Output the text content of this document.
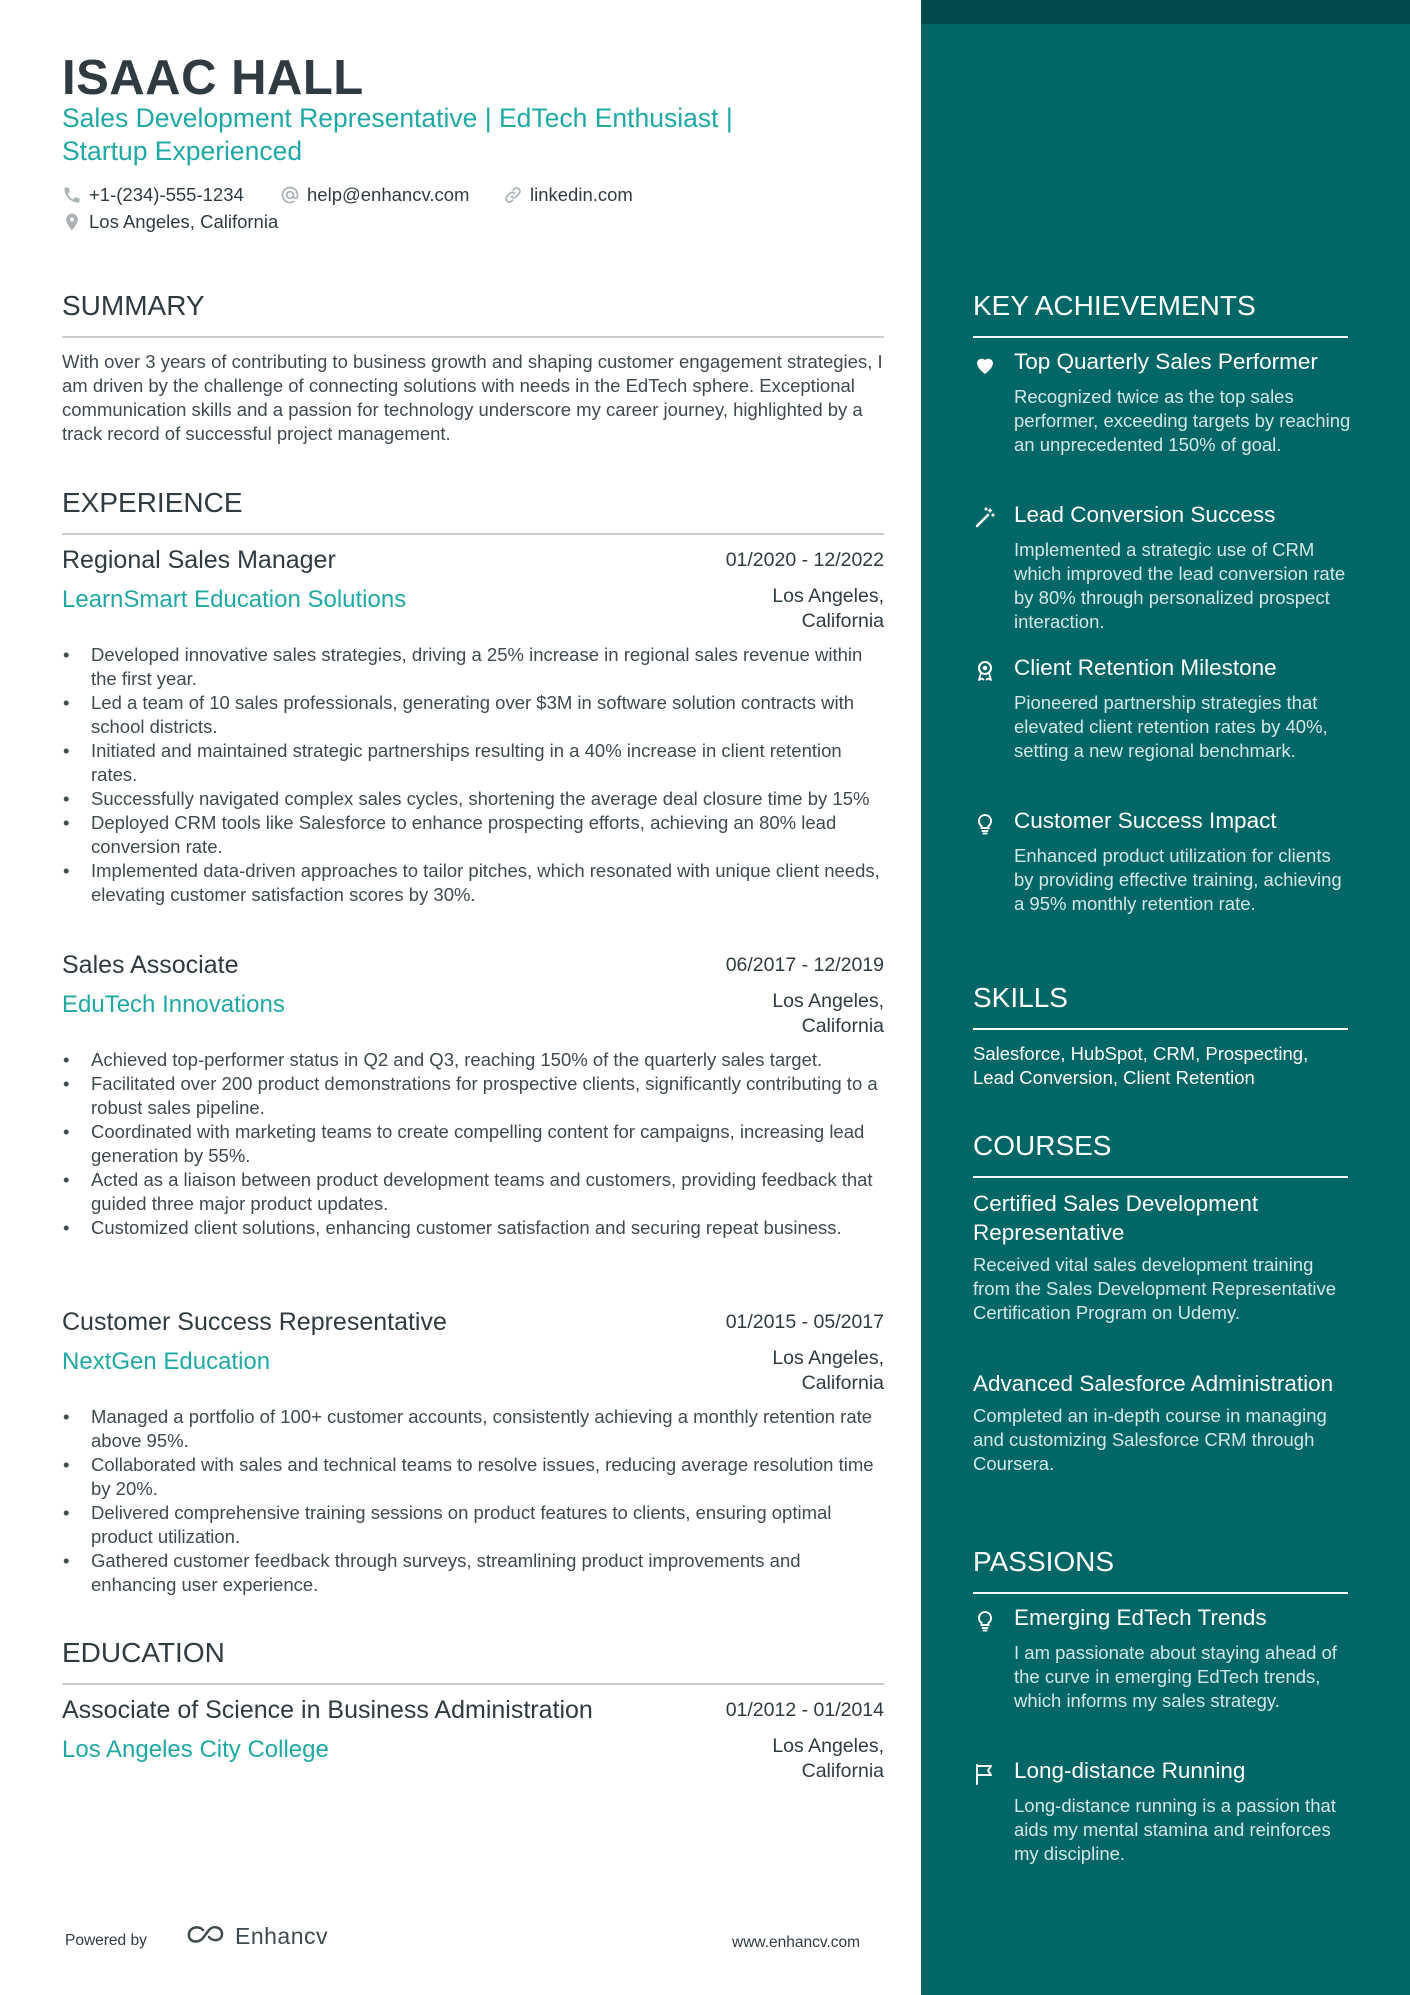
ISAAC HALL
Sales Development Representative | EdTech Enthusiast | Startup Experienced
+1-(234)-555-1234	help@enhancv.com	linkedin.com
Los Angeles, California
SUMMARY
With over 3 years of contributing to business growth and shaping customer engagement strategies, I am driven by the challenge of connecting solutions with needs in the EdTech sphere. Exceptional communication skills and a passion for technology underscore my career journey, highlighted by a track record of successful project management.
EXPERIENCE
Regional Sales Manager	01/2020 - 12/2022
LearnSmart Education Solutions	Los Angeles, California
• Developed innovative sales strategies, driving a 25% increase in regional sales revenue within the first year.
• Led a team of 10 sales professionals, generating over $3M in software solution contracts with school districts.
• Initiated and maintained strategic partnerships resulting in a 40% increase in client retention rates.
• Successfully navigated complex sales cycles, shortening the average deal closure time by 15%
• Deployed CRM tools like Salesforce to enhance prospecting efforts, achieving an 80% lead conversion rate.
• Implemented data-driven approaches to tailor pitches, which resonated with unique client needs, elevating customer satisfaction scores by 30%.
Sales Associate	06/2017 - 12/2019
EduTech Innovations	Los Angeles, California
• Achieved top-performer status in Q2 and Q3, reaching 150% of the quarterly sales target.
• Facilitated over 200 product demonstrations for prospective clients, significantly contributing to a robust sales pipeline.
• Coordinated with marketing teams to create compelling content for campaigns, increasing lead generation by 55%.
• Acted as a liaison between product development teams and customers, providing feedback that guided three major product updates.
• Customized client solutions, enhancing customer satisfaction and securing repeat business.
Customer Success Representative	01/2015 - 05/2017
NextGen Education	Los Angeles, California
• Managed a portfolio of 100+ customer accounts, consistently achieving a monthly retention rate above 95%.
• Collaborated with sales and technical teams to resolve issues, reducing average resolution time by 20%.
• Delivered comprehensive training sessions on product features to clients, ensuring optimal product utilization.
• Gathered customer feedback through surveys, streamlining product improvements and enhancing user experience.
EDUCATION
Associate of Science in Business Administration	01/2012 - 01/2014
Los Angeles City College	Los Angeles, California
Powered by	Enhancv	www.enhancv.com
KEY ACHIEVEMENTS
Top Quarterly Sales Performer
Recognized twice as the top sales performer, exceeding targets by reaching an unprecedented 150% of goal.
Lead Conversion Success
Implemented a strategic use of CRM which improved the lead conversion rate by 80% through personalized prospect interaction.
Client Retention Milestone
Pioneered partnership strategies that elevated client retention rates by 40%, setting a new regional benchmark.
Customer Success Impact
Enhanced product utilization for clients by providing effective training, achieving a 95% monthly retention rate.
SKILLS
Salesforce, HubSpot, CRM, Prospecting, Lead Conversion, Client Retention
COURSES
Certified Sales Development Representative
Received vital sales development training from the Sales Development Representative Certification Program on Udemy.
Advanced Salesforce Administration
Completed an in-depth course in managing and customizing Salesforce CRM through Coursera.
PASSIONS
Emerging EdTech Trends
I am passionate about staying ahead of the curve in emerging EdTech trends, which informs my sales strategy.
Long-distance Running
Long-distance running is a passion that aids my mental stamina and reinforces my discipline.
